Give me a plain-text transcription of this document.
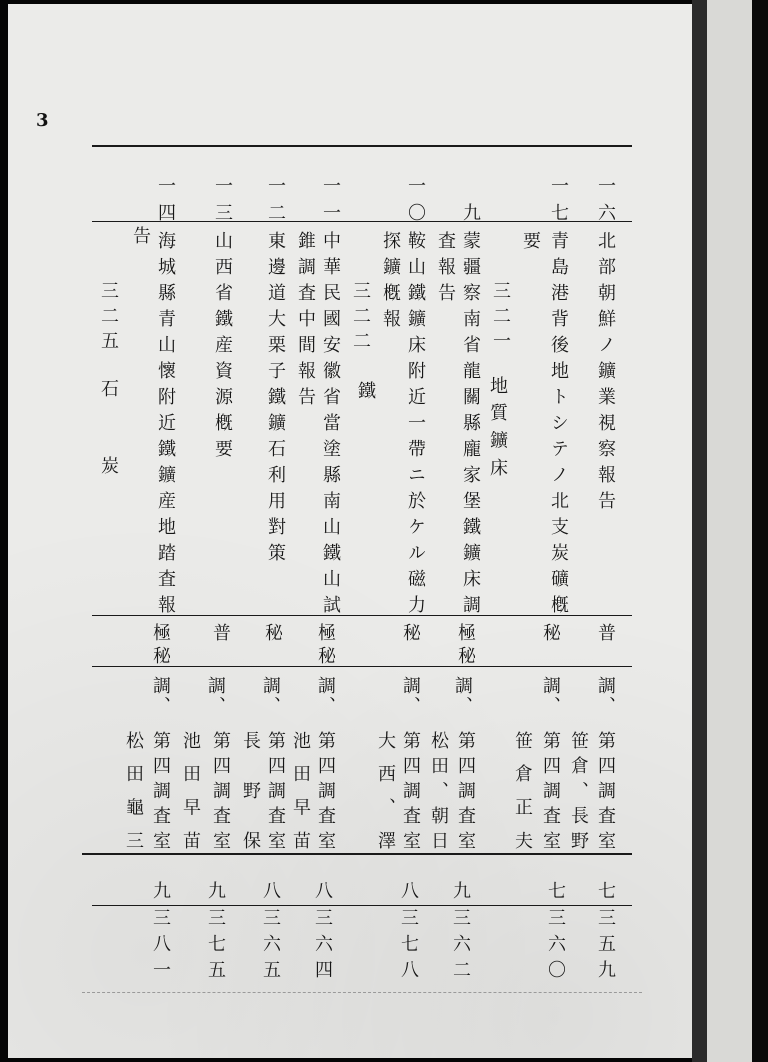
3
一六
北部朝鮮ノ鑛業視察報告
普
調、
第四調査室
笹倉、長野
七
三五九
一七
青島港背後地トシテノ北支炭礦槪
要
秘
調、
第四調査室
笹倉正夫
七
三六〇
三二一
地質鑛床
九
蒙疆察南省龍關縣龐家堡鐵鑛床調
査報告
極秘
調、
第四調査室
松田、朝日
九
三六二
一〇
鞍山鐵鑛床附近一帶ニ於ケル磁力
探鑛槪報
秘
調、
第四調査室
大西、澤
八
三七八
三二二
鐵
一一
中華民國安徽省當塗縣南山鐵山試
錐調査中間報告
極秘
調、
第四調査室
池田早苗
八
三六四
一二
東邊道大栗子鐵鑛石利用對策
秘
調、
第四調査室
長野保
八
三六五
一三
山西省鐵産資源槪要
普
調、
第四調査室
池田早苗
九
三七五
一四
海城縣青山懷附近鐵鑛産地踏査報
告
極秘
調、
第四調査室
松田龜三
九
三八一
三二五
石炭
